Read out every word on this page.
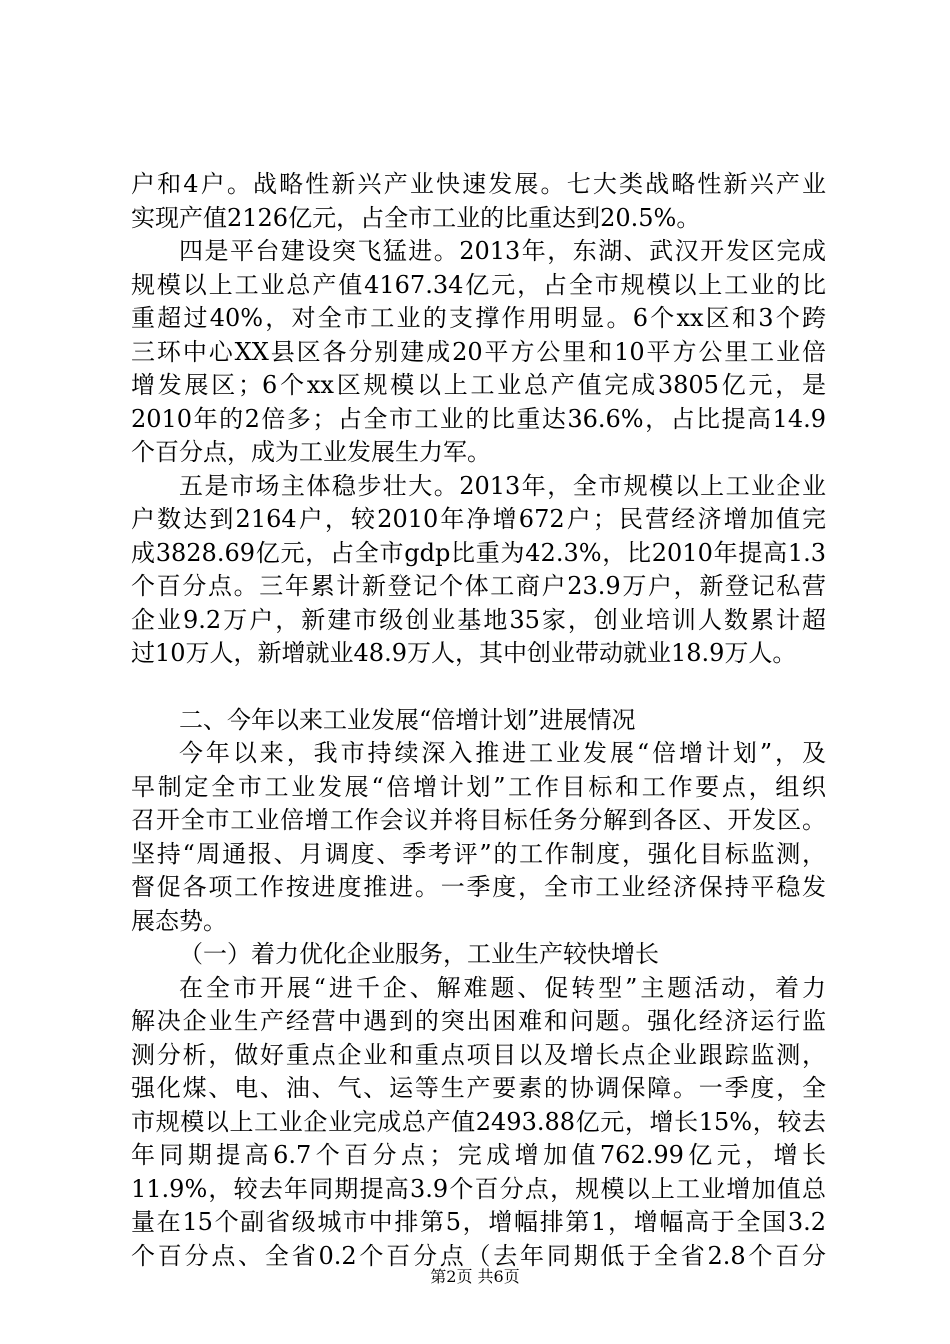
户和4户。战略性新兴产业快速发展。七大类战略性新兴产业
实现产值2126亿元，占全市工业的比重达到20.5%。
四是平台建设突飞猛进。2013年，东湖、武汉开发区完成
规模以上工业总产值4167.34亿元，占全市规模以上工业的比
重超过40%，对全市工业的支撑作用明显。6个xx区和3个跨
三环中心XX县区各分别建成20平方公里和10平方公里工业倍
增发展区；6个xx区规模以上工业总产值完成3805亿元，是
2010年的2倍多；占全市工业的比重达36.6%，占比提高14.9
个百分点，成为工业发展生力军。
五是市场主体稳步壮大。2013年，全市规模以上工业企业
户数达到2164户，较2010年净增672户；民营经济增加值完
成3828.69亿元，占全市gdp比重为42.3%，比2010年提高1.3
个百分点。三年累计新登记个体工商户23.9万户，新登记私营
企业9.2万户，新建市级创业基地35家，创业培训人数累计超
过10万人，新增就业48.9万人，其中创业带动就业18.9万人。
二、今年以来工业发展“倍增计划”进展情况
今年以来，我市持续深入推进工业发展“倍增计划”，及
早制定全市工业发展“倍增计划”工作目标和工作要点，组织
召开全市工业倍增工作会议并将目标任务分解到各区、开发区。
坚持“周通报、月调度、季考评”的工作制度，强化目标监测，
督促各项工作按进度推进。一季度，全市工业经济保持平稳发
展态势。
（一）着力优化企业服务，工业生产较快增长
在全市开展“进千企、解难题、促转型”主题活动，着力
解决企业生产经营中遇到的突出困难和问题。强化经济运行监
测分析，做好重点企业和重点项目以及增长点企业跟踪监测，
强化煤、电、油、气、运等生产要素的协调保障。一季度，全
市规模以上工业企业完成总产值2493.88亿元，增长15%，较去
年同期提高6.7个百分点；完成增加值762.99亿元，增长
11.9%，较去年同期提高3.9个百分点，规模以上工业增加值总
量在15个副省级城市中排第5，增幅排第1，增幅高于全国3.2
个百分点、全省0.2个百分点（去年同期低于全省2.8个百分
第2页 共6页
